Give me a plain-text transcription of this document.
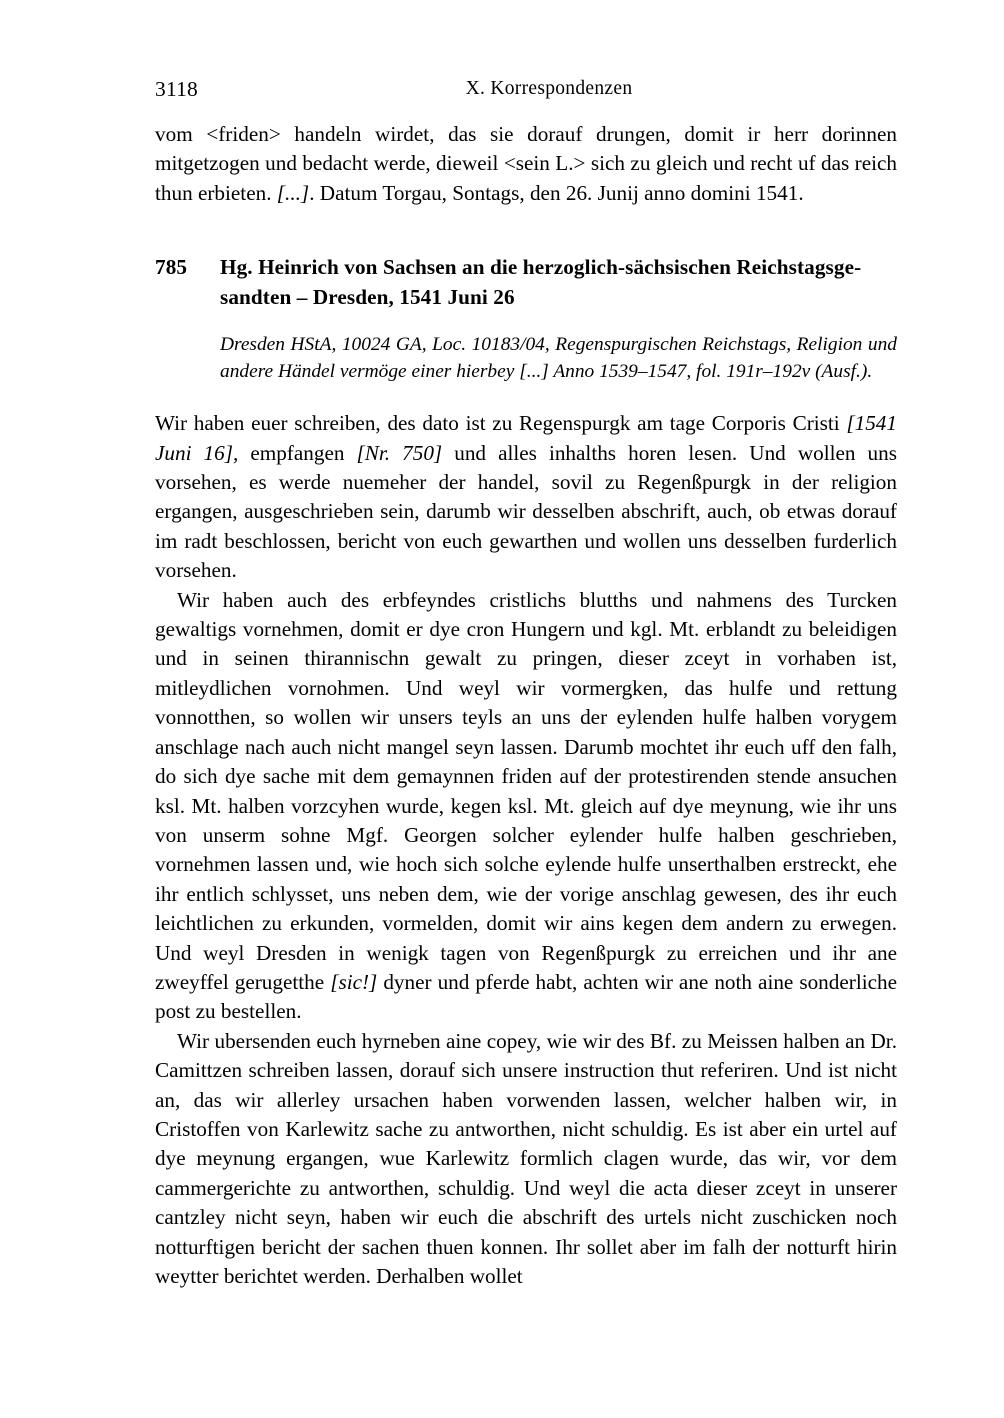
3118	X. Korrespondenzen

vom <friden> handeln wirdet, das sie dorauf drungen, domit ir herr dorinnen mitgetzogen und bedacht werde, dieweil <sein L.> sich zu gleich und recht uf das reich thun erbieten. [...]. Datum Torgau, Sontags, den 26. Junij anno domini 1541.

785 Hg. Heinrich von Sachsen an die herzoglich-sächsischen Reichstagsge-sandten – Dresden, 1541 Juni 26
Dresden HStA, 10024 GA, Loc. 10183/04, Regenspurgischen Reichstags, Religion und andere Händel vermöge einer hierbey [...] Anno 1539–1547, fol. 191r–192v (Ausf.).

Wir haben euer schreiben, des dato ist zu Regenspurgk am tage Corporis Cristi [1541 Juni 16], empfangen [Nr. 750] und alles inhalths horen lesen. Und wollen uns vorsehen, es werde nuemeher der handel, sovil zu Regenßpurgk in der religion ergangen, ausgeschrieben sein, darumb wir desselben abschrift, auch, ob etwas dorauf im radt beschlossen, bericht von euch gewarthen und wollen uns desselben furderlich vorsehen.

Wir haben auch des erbfeyndes cristlichs blutths und nahmens des Turcken gewaltigs vornehmen, domit er dye cron Hungern und kgl. Mt. erblandt zu beleidigen und in seinen thirannischn gewalt zu pringen, dieser zceyt in vorhaben ist, mitleydlichen vornohmen. Und weyl wir vormergken, das hulfe und rettung vonnotthen, so wollen wir unsers teyls an uns der eylenden hulfe halben vorygem anschlage nach auch nicht mangel seyn lassen. Darumb mochtet ihr euch uff den falh, do sich dye sache mit dem gemaynnen friden auf der protestirenden stende ansuchen ksl. Mt. halben vorzcyhen wurde, kegen ksl. Mt. gleich auf dye meynung, wie ihr uns von unserm sohne Mgf. Georgen solcher eylender hulfe halben geschrieben, vornehmen lassen und, wie hoch sich solche eylende hulfe unserthalben erstreckt, ehe ihr entlich schlysset, uns neben dem, wie der vorige anschlag gewesen, des ihr euch leichtlichen zu erkunden, vormelden, domit wir ains kegen dem andern zu erwegen. Und weyl Dresden in wenigk tagen von Regenßpurgk zu erreichen und ihr ane zweyffel gerugetthe [sic!] dyner und pferde habt, achten wir ane noth aine sonderliche post zu bestellen.

Wir ubersenden euch hyrneben aine copey, wie wir des Bf. zu Meissen halben an Dr. Camittzen schreiben lassen, dorauf sich unsere instruction thut referiren. Und ist nicht an, das wir allerley ursachen haben vorwenden lassen, welcher halben wir, in Cristoffen von Karlewitz sache zu antworthen, nicht schuldig. Es ist aber ein urtel auf dye meynung ergangen, wue Karlewitz formlich clagen wurde, das wir, vor dem cammergerichte zu antworthen, schuldig. Und weyl die acta dieser zceyt in unserer cantzley nicht seyn, haben wir euch die abschrift des urtels nicht zuschicken noch notturftigen bericht der sachen thuen konnen. Ihr sollet aber im falh der notturft hirin weytter berichtet werden. Derhalben wollet
